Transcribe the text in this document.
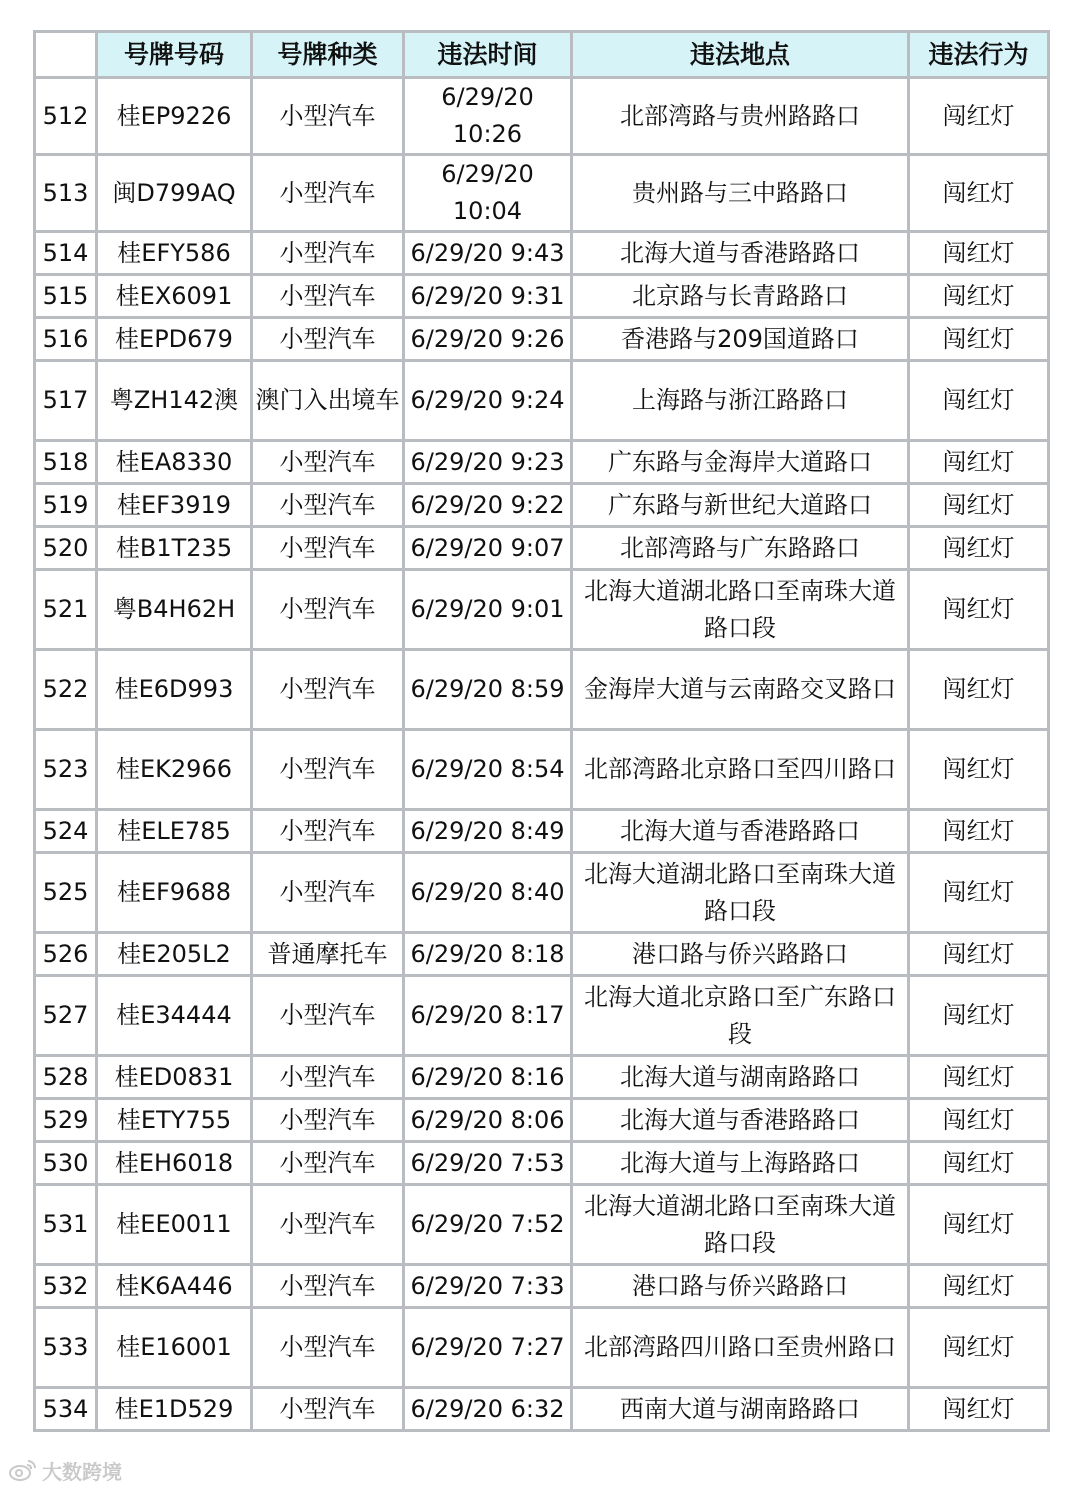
	号牌号码	号牌种类	违法时间	违法地点	违法行为
512	桂EP9226	小型汽车	6/29/20 10:26	北部湾路与贵州路路口	闯红灯
513	闽D799AQ	小型汽车	6/29/20 10:04	贵州路与三中路路口	闯红灯
514	桂EFY586	小型汽车	6/29/20 9:43	北海大道与香港路路口	闯红灯
515	桂EX6091	小型汽车	6/29/20 9:31	北京路与长青路路口	闯红灯
516	桂EPD679	小型汽车	6/29/20 9:26	香港路与209国道路口	闯红灯
517	粤ZH142澳	澳门入出境车	6/29/20 9:24	上海路与浙江路路口	闯红灯
518	桂EA8330	小型汽车	6/29/20 9:23	广东路与金海岸大道路口	闯红灯
519	桂EF3919	小型汽车	6/29/20 9:22	广东路与新世纪大道路口	闯红灯
520	桂B1T235	小型汽车	6/29/20 9:07	北部湾路与广东路路口	闯红灯
521	粤B4H62H	小型汽车	6/29/20 9:01	北海大道湖北路口至南珠大道路口段	闯红灯
522	桂E6D993	小型汽车	6/29/20 8:59	金海岸大道与云南路交叉路口	闯红灯
523	桂EK2966	小型汽车	6/29/20 8:54	北部湾路北京路口至四川路口	闯红灯
524	桂ELE785	小型汽车	6/29/20 8:49	北海大道与香港路路口	闯红灯
525	桂EF9688	小型汽车	6/29/20 8:40	北海大道湖北路口至南珠大道路口段	闯红灯
526	桂E205L2	普通摩托车	6/29/20 8:18	港口路与侨兴路路口	闯红灯
527	桂E34444	小型汽车	6/29/20 8:17	北海大道北京路口至广东路口段	闯红灯
528	桂ED0831	小型汽车	6/29/20 8:16	北海大道与湖南路路口	闯红灯
529	桂ETY755	小型汽车	6/29/20 8:06	北海大道与香港路路口	闯红灯
530	桂EH6018	小型汽车	6/29/20 7:53	北海大道与上海路路口	闯红灯
531	桂EE0011	小型汽车	6/29/20 7:52	北海大道湖北路口至南珠大道路口段	闯红灯
532	桂K6A446	小型汽车	6/29/20 7:33	港口路与侨兴路路口	闯红灯
533	桂E16001	小型汽车	6/29/20 7:27	北部湾路四川路口至贵州路口	闯红灯
534	桂E1D529	小型汽车	6/29/20 6:32	西南大道与湖南路路口	闯红灯
大数跨境
